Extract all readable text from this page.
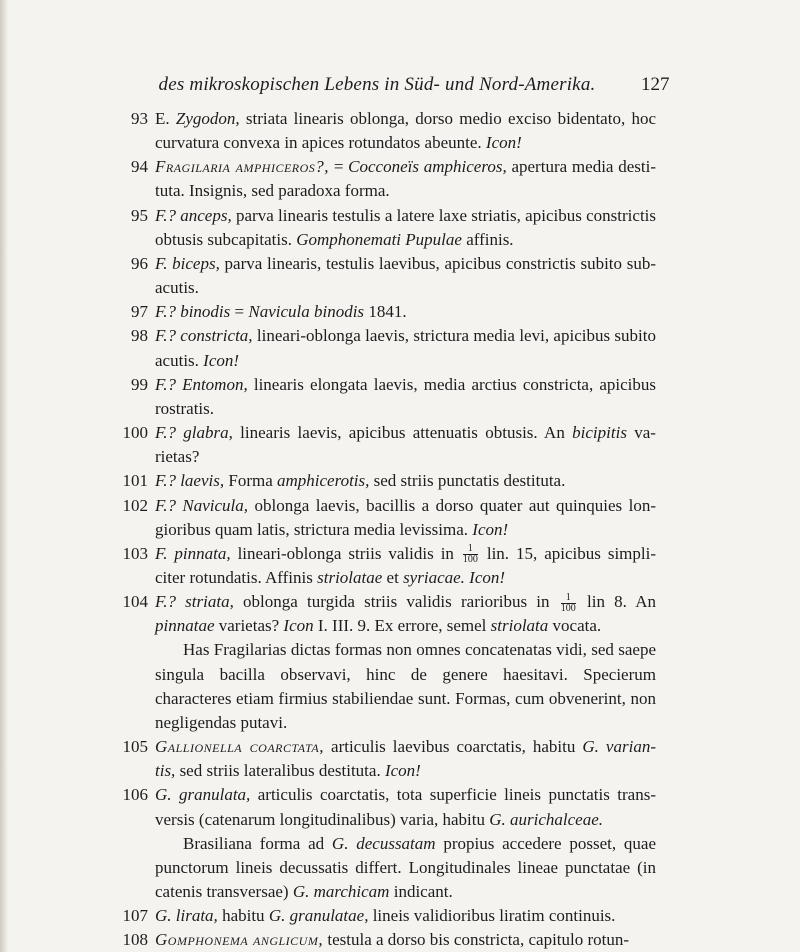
des mikroskopischen Lebens in Süd- und Nord-Amerika.	127

93 E. Zygodon, striata linearis oblonga, dorso medio exciso bidentato, hoc curvatura convexa in apices rotundatos abeunte. Icon!

94 Fragilaria amphiceros?, = Cocconeïs amphiceros, apertura media desti-tuta. Insignis, sed paradoxa forma.

95 F.? anceps, parva linearis testulis a latere laxe striatis, apicibus constrictis obtusis subcapitatis. Gomphonemati Pupulae affinis.

96 F. biceps, parva linearis, testulis laevibus, apicibus constrictis subito sub-acutis.

97 F.? binodis = Navicula binodis 1841.

98 F.? constricta, lineari-oblonga laevis, strictura media levi, apicibus subito acutis. Icon!

99 F.? Entomon, linearis elongata laevis, media arctius constricta, apicibus rostratis.

100 F.? glabra, linearis laevis, apicibus attenuatis obtusis. An bicipitis va-rietas?

101 F.? laevis, Forma amphicerotis, sed striis punctatis destituta.

102 F.? Navicula, oblonga laevis, bacillis a dorso quater aut quinquies lon-gioribus quam latis, strictura media levissima. Icon!

103 F. pinnata, lineari-oblonga striis validis in $\frac{1}{100}$ lin. 15, apicibus simpli-citer rotundatis. Affinis striolatae et syriacae. Icon!

104 F.? striata, oblonga turgida striis validis rarioribus in $\frac{1}{100}$ lin 8. An pinnatae varietas? Icon I. III. 9. Ex errore, semel striolata vocata.

Has Fragilarias dictas formas non omnes concatenatas vidi, sed saepe singula bacilla observavi, hinc de genere haesitavi. Specierum characteres etiam firmius stabiliendae sunt. Formas, cum obvenerint, non negligendas putavi.

105 Gallionella coarctata, articulis laevibus coarctatis, habitu G. varian-tis, sed striis lateralibus destituta. Icon!

106 G. granulata, articulis coarctatis, tota superficie lineis punctatis trans-versis (catenarum longitudinalibus) varia, habitu G. aurichalceae.

Brasiliana forma ad G. decussatam propius accedere posset, quae punctorum lineis decussatis differt. Longitudinales lineae punctatae (in catenis transversae) G. marchicam indicant.

107 G. lirata, habitu G. granulatae, lineis validioribus liratim continuis.

108 Gomphonema anglicum, testula a dorso bis constricta, capitulo rotun-
